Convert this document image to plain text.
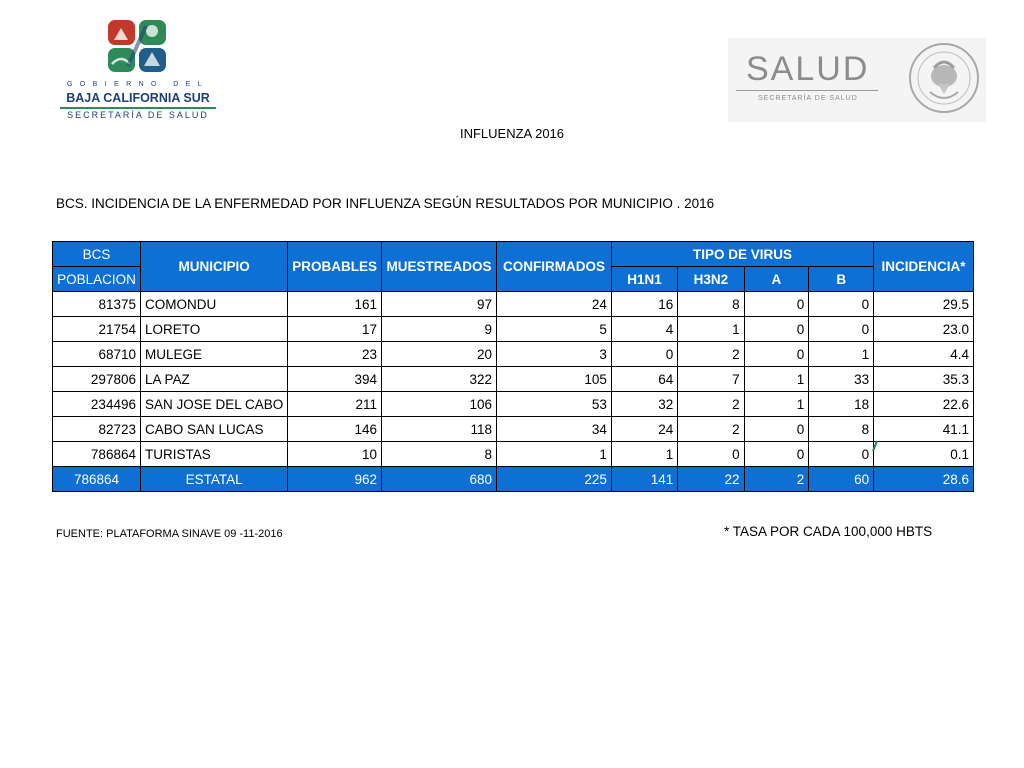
GOBIERNO DEL
BAJA CALIFORNIA SUR
SECRETARÍA DE SALUD
SALUD
SECRETARÍA DE SALUD
INFLUENZA 2016
BCS. INCIDENCIA DE LA ENFERMEDAD POR INFLUENZA SEGÚN RESULTADOS POR MUNICIPIO . 2016
BCS	MUNICIPIO	PROBABLES	MUESTREADOS	CONFIRMADOS	TIPO DE VIRUS				INCIDENCIA*
POBLACION					H1N1	H3N2	A	B	
81375	COMONDU	161	97	24	16	8	0	0	29.5
21754	LORETO	17	9	5	4	1	0	0	23.0
68710	MULEGE	23	20	3	0	2	0	1	4.4
297806	LA PAZ	394	322	105	64	7	1	33	35.3
234496	SAN JOSE DEL CABO	211	106	53	32	2	1	18	22.6
82723	CABO SAN LUCAS	146	118	34	24	2	0	8	41.1
786864	TURISTAS	10	8	1	1	0	0	0	0.1
786864	ESTATAL	962	680	225	141	22	2	60	28.6
FUENTE: PLATAFORMA SINAVE 09 -11-2016	* TASA POR CADA 100,000 HBTS
